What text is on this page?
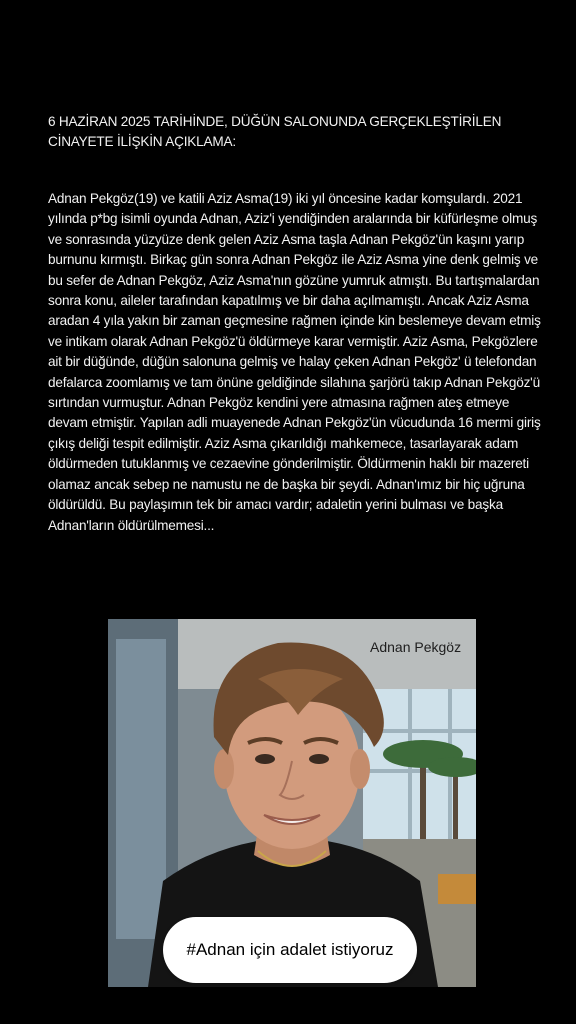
6 HAZİRAN 2025 TARİHİNDE, DÜĞÜN SALONUNDA GERÇEKLEŞTİRİLEN CİNAYETE İLİŞKİN AÇIKLAMA:

Adnan Pekgöz(19) ve katili Aziz Asma(19) iki yıl öncesine kadar komşulardı. 2021 yılında p*bg isimli oyunda Adnan, Aziz'i yendiğinden aralarında bir küfürleşme olmuş ve sonrasında yüzyüze denk gelen Aziz Asma taşla Adnan Pekgöz'ün kaşını yarıp burnunu kırmıştı. Birkaç gün sonra Adnan Pekgöz ile Aziz Asma yine denk gelmiş ve bu sefer de Adnan Pekgöz, Aziz Asma'nın gözüne yumruk atmıştı. Bu tartışmalardan sonra konu, aileler tarafından kapatılmış ve bir daha açılmamıştı. Ancak Aziz Asma aradan 4 yıla yakın bir zaman geçmesine rağmen içinde kin beslemeye devam etmiş ve intikam olarak Adnan Pekgöz'ü öldürmeye karar vermiştir. Aziz Asma, Pekgözlere ait bir düğünde, düğün salonuna gelmiş ve halay çeken Adnan Pekgöz' ü telefondan defalarca zoomlamış ve tam önüne geldiğinde silahına şarjörü takıp Adnan Pekgöz'ü sırtından vurmuştur. Adnan Pekgöz kendini yere atmasına rağmen ateş etmeye devam etmiştir. Yapılan adli muayenede Adnan Pekgöz'ün vücudunda 16 mermi giriş çıkış deliği tespit edilmiştir. Aziz Asma çıkarıldığı mahkemece, tasarlayarak adam öldürmeden tutuklanmış ve cezaevine gönderilmiştir. Öldürmenin haklı bir mazereti olamaz ancak sebep ne namustu ne de başka bir şeydi. Adnan'ımız bir hiç uğruna öldürüldü. Bu paylaşımın tek bir amacı vardır; adaletin yerini bulması ve başka Adnan'ların öldürülmemesi...

Adnan Pekgöz
#Adnan için adalet istiyoruz
